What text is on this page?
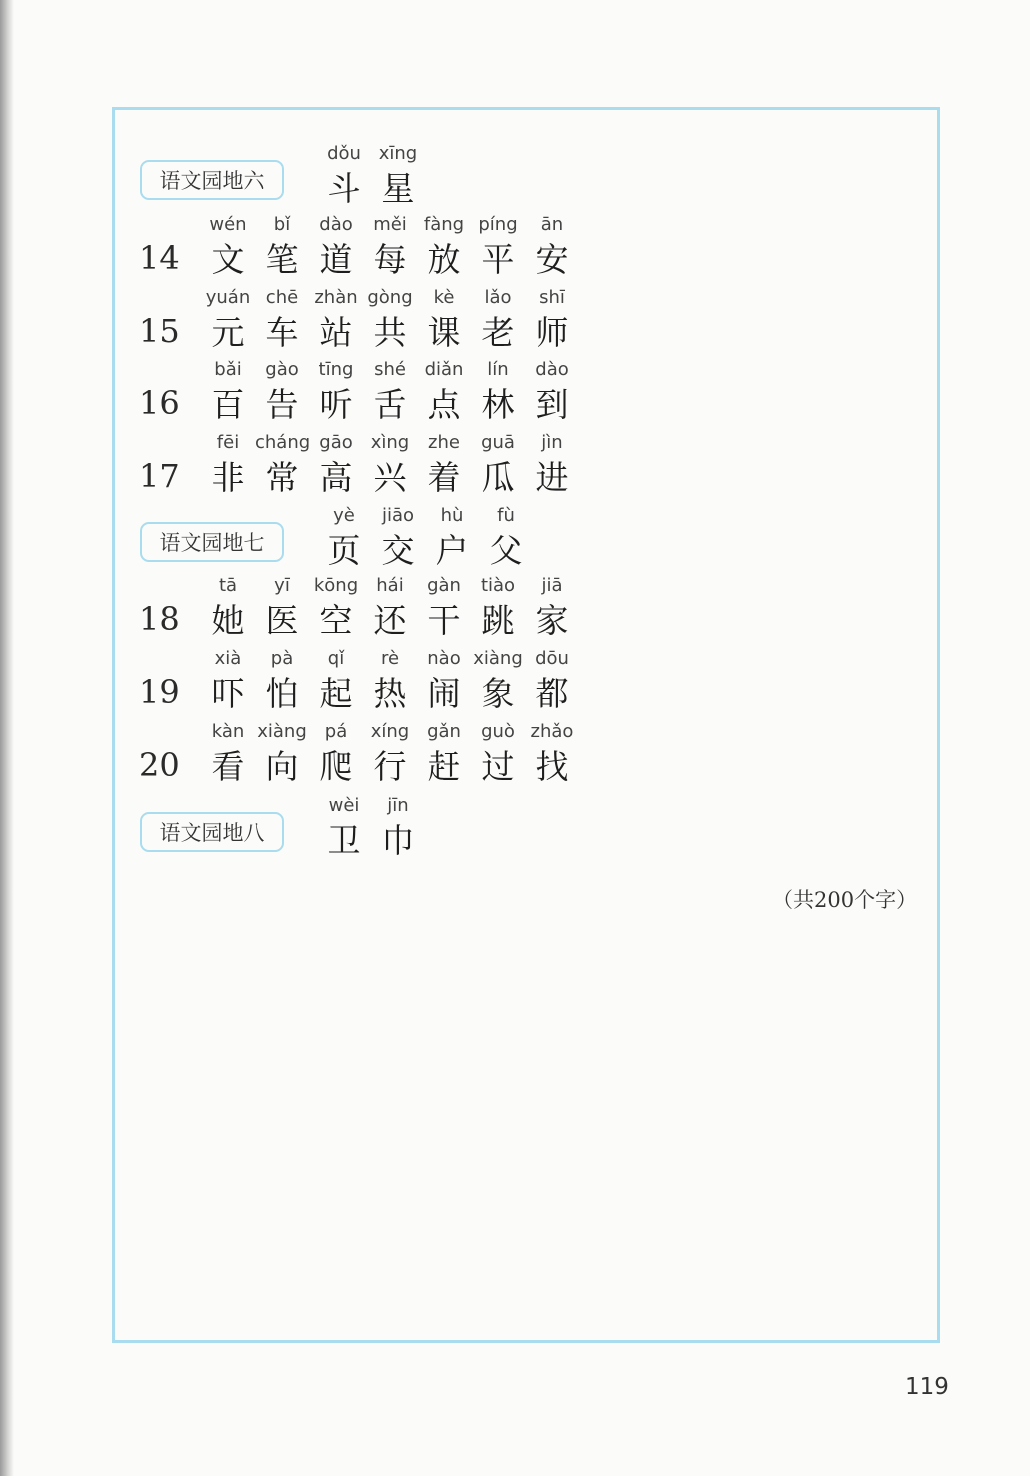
语文园地六
dǒu
斗
xīng
星
14
wén
文
bǐ
笔
dào
道
měi
每
fàng
放
píng
平
ān
安
15
yuán
元
chē
车
zhàn
站
gòng
共
kè
课
lǎo
老
shī
师
16
bǎi
百
gào
告
tīng
听
shé
舌
diǎn
点
lín
林
dào
到
17
fēi
非
cháng
常
gāo
高
xìng
兴
zhe
着
guā
瓜
jìn
进
语文园地七
yè
页
jiāo
交
hù
户
fù
父
18
tā
她
yī
医
kōng
空
hái
还
gàn
干
tiào
跳
jiā
家
19
xià
吓
pà
怕
qǐ
起
rè
热
nào
闹
xiàng
象
dōu
都
20
kàn
看
xiàng
向
pá
爬
xíng
行
gǎn
赶
guò
过
zhǎo
找
语文园地八
wèi
卫
jīn
巾
（共200个字）
119
